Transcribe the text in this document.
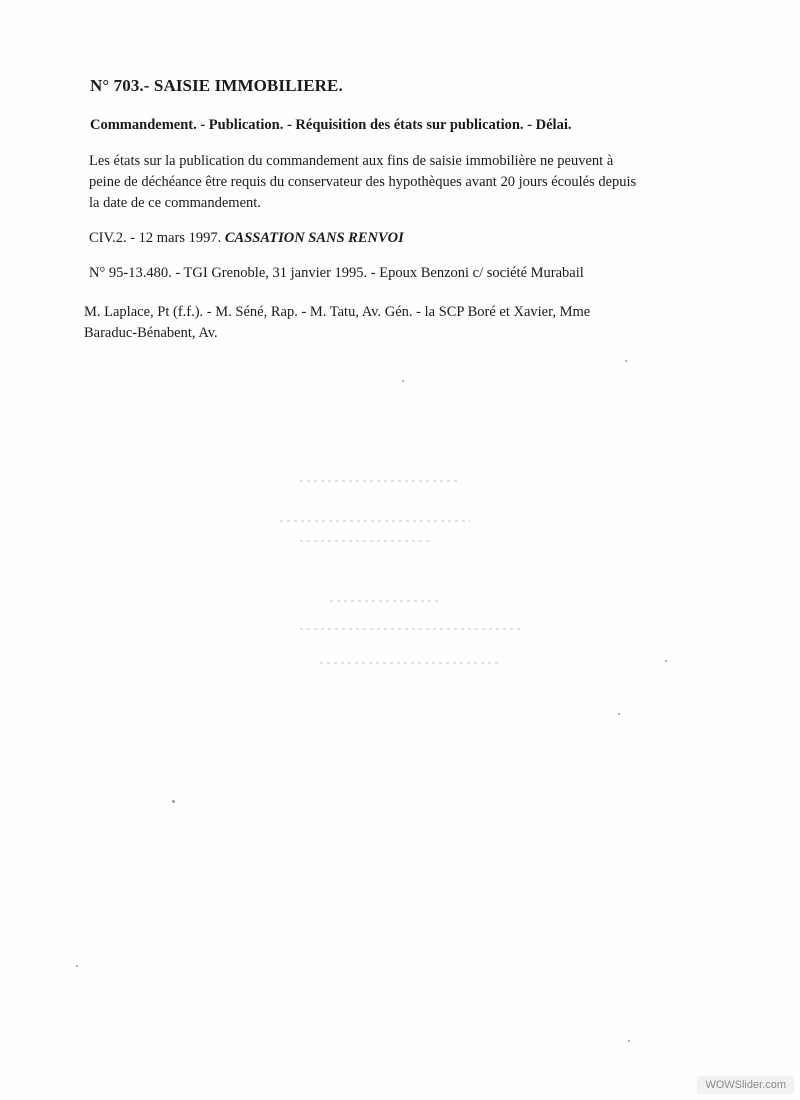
N° 703.- SAISIE IMMOBILIERE.
Commandement. - Publication. - Réquisition des états sur publication. - Délai.
Les états sur la publication du commandement aux fins de saisie immobilière ne peuvent à
peine de déchéance être requis du conservateur des hypothèques avant 20 jours écoulés depuis
la date de ce commandement.
CIV.2. - 12 mars 1997. CASSATION SANS RENVOI
N° 95-13.480. - TGI Grenoble, 31 janvier 1995. - Epoux Benzoni c/ société Murabail
M. Laplace, Pt (f.f.). - M. Séné, Rap. - M. Tatu, Av. Gén. - la SCP Boré et Xavier, Mme
Baraduc-Bénabent, Av.
WOWSlider.com
